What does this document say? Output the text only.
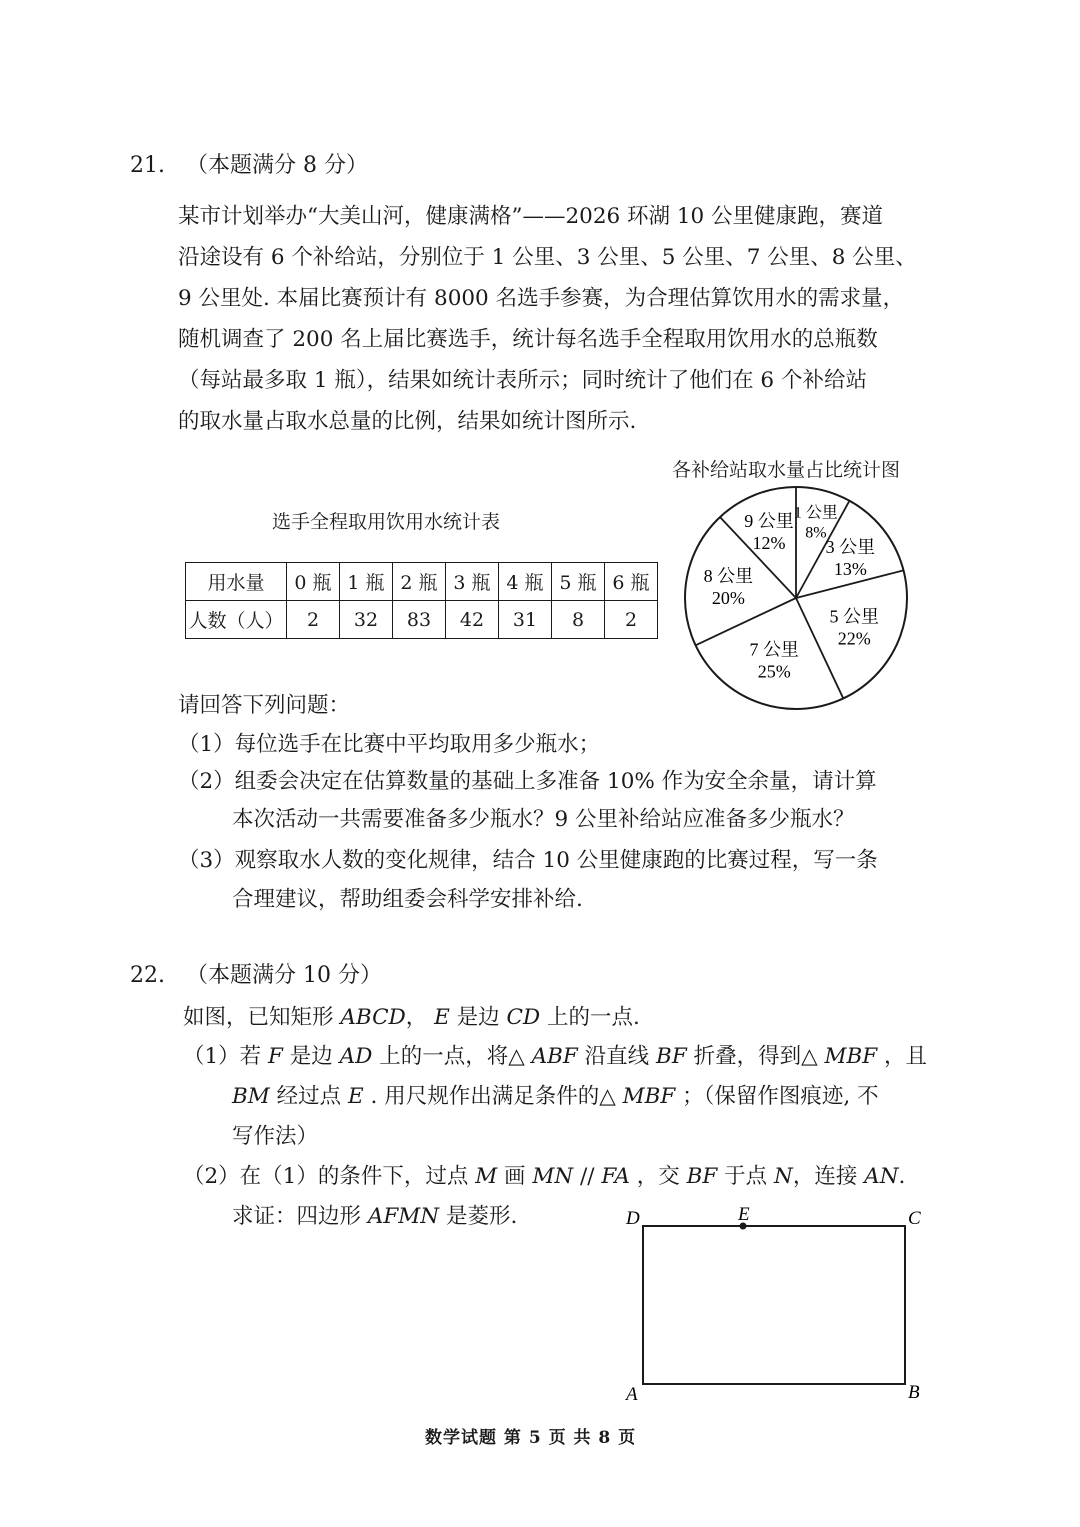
21. （本题满分 8 分）

某市计划举办“大美山河，健康满格”——2026 环湖 10 公里健康跑，赛道

沿途设有 6 个补给站，分别位于 1 公里、3 公里、5 公里、7 公里、8 公里、

9 公里处. 本届比赛预计有 8000 名选手参赛，为合理估算饮用水的需求量，

随机调查了 200 名上届比赛选手，统计每名选手全程取用饮用水的总瓶数

（每站最多取 1 瓶），结果如统计表所示；同时统计了他们在 6 个补给站

的取水量占取水总量的比例，结果如统计图所示.

选手全程取用饮用水统计表
用水量	0 瓶	1 瓶	2 瓶	3 瓶	4 瓶	5 瓶	6 瓶
人数（人）	2	32	83	42	31	8	2
各补给站取水量占比统计图
1 公里
8%
3 公里
13%
5 公里
22%
7 公里
25%
8 公里
20%
9 公里
12%
请回答下列问题：
（1）每位选手在比赛中平均取用多少瓶水；
（2）组委会决定在估算数量的基础上多准备 10% 作为安全余量，请计算
本次活动一共需要准备多少瓶水？9 公里补给站应准备多少瓶水？
（3）观察取水人数的变化规律，结合 10 公里健康跑的比赛过程，写一条
合理建议，帮助组委会科学安排补给.
22. （本题满分 10 分）
如图，已知矩形 ABCD， E 是边 CD 上的一点.
（1）若 F 是边 AD 上的一点，将△ ABF 沿直线 BF 折叠，得到△ MBF ，且
BM 经过点 E . 用尺规作出满足条件的△ MBF ；（保留作图痕迹, 不
写作法）
（2）在（1）的条件下，过点 M 画 MN // FA ，交 BF 于点 N，连接 AN.
求证：四边形 AFMN 是菱形.	D	E	C
A	B
数学试题 第 5 页 共 8 页
